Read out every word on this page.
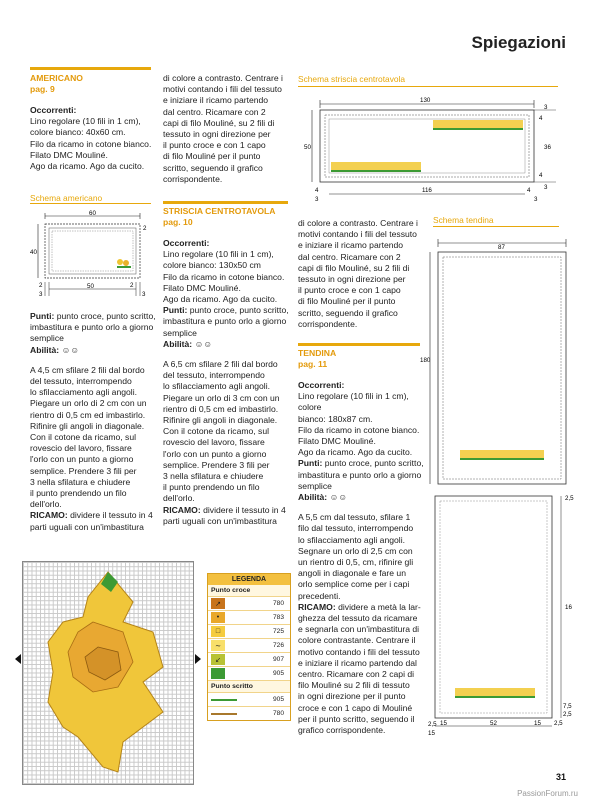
Spiegazioni
AMERICANO
pag. 9
Occorrenti:
Lino regolare (10 fili in 1 cm),
colore bianco: 40x60 cm.
Filo da ricamo in cotone bianco.
Filato DMC Mouliné.
Ago da ricamo. Ago da cucito.
Schema americano
60
40
2
3
50	2
3
2
Punti: punto croce, punto scritto, imbastitura e punto orlo a giorno semplice
Abilità: ☺☺
A 4,5 cm sfilare 2 fili dal bordo
del tessuto, interrompendo
lo sfilacciamento agli angoli.
Piegare un orlo di 2 cm con un
rientro di 0,5 cm ed imbastirlo.
Rifinire gli angoli in diagonale.
Con il cotone da ricamo, sul
rovescio del lavoro, fissare
l'orlo con un punto a giorno
semplice. Prendere 3 fili per
3 nella sfilatura e chiudere
il punto prendendo un filo
dell'orlo.
RICAMO: dividere il tessuto in 4
parti uguali con un'imbastitura
di colore a contrasto. Centrare i
motivi contando i fili del tessuto
e iniziare il ricamo partendo
dal centro. Ricamare con 2
capi di filo Mouliné, su 2 fili di
tessuto in ogni direzione per
il punto croce e con 1 capo
di filo Mouliné per il punto
scritto, seguendo il grafico
corrispondente.
STRISCIA CENTROTAVOLA
pag. 10
Occorrenti:
Lino regolare (10 fili in 1 cm),
colore bianco: 130x50 cm
Filo da ricamo in cotone bianco.
Filato DMC Mouliné.
Ago da ricamo. Ago da cucito.
Punti: punto croce, punto scritto,
imbastitura e punto orlo a giorno
semplice
Abilità: ☺☺
A 6,5 cm sfilare 2 fili dal bordo
del tessuto, interrompendo
lo sfilacciamento agli angoli.
Piegare un orlo di 3 cm con un
rientro di 0,5 cm ed imbastirlo.
Rifinire gli angoli in diagonale.
Con il cotone da ricamo, sul
rovescio del lavoro, fissare
l'orlo con un punto a giorno
semplice. Prendere 3 fili per
3 nella sfilatura e chiudere
il punto prendendo un filo
dell'orlo.
RICAMO: dividere il tessuto in 4
parti uguali con un'imbastitura
Schema striscia centrotavola
130
50
3
4
36
4
3
4
3
116	4
3
di colore a contrasto. Centrare i
motivi contando i fili del tessuto
e iniziare il ricamo partendo
dal centro. Ricamare con 2
capi di filo Mouliné, su 2 fili di
tessuto in ogni direzione per
il punto croce e con 1 capo
di filo Mouliné per il punto
scritto, seguendo il grafico
corrispondente.
TENDINA
pag. 11
Occorrenti:
Lino regolare (10 fili in 1 cm), colore
bianco: 180x87 cm.
Filo da ricamo in cotone bianco.
Filato DMC Mouliné.
Ago da ricamo. Ago da cucito.
Punti: punto croce, punto scritto,
imbastitura e punto orlo a giorno
semplice
Abilità: ☺☺
A 5,5 cm dal tessuto, sfilare 1
filo dal tessuto, interrompendo
lo sfilacciamento agli angoli.
Segnare un orlo di 2,5 cm con
un rientro di 0,5, cm, rifinire gli
angoli in diagonale e fare un
orlo semplice come per i capi
precedenti.
RICAMO: dividere a metà la lar-
ghezza del tessuto da ricamare
e segnarla con un'imbastitura di
colore contrastante. Centrare il
motivo contando i fili del tessuto
e iniziare il ricamo partendo dal
centro. Ricamare con 2 capi di
filo Mouliné su 2 fili di tessuto
in ogni direzione per il punto
croce e con 1 capo di Mouliné
per il punto scritto, seguendo il
grafico corrispondente.
Schema tendina
87
180
2,5
16
7,5
2,5
2,5
15
15	52	15 2,5
LEGENDA
Punto croce
↗	780
•	783
□	725
∼	726
↙	907
905
Punto scritto
905
780
31
PassionForum.ru
